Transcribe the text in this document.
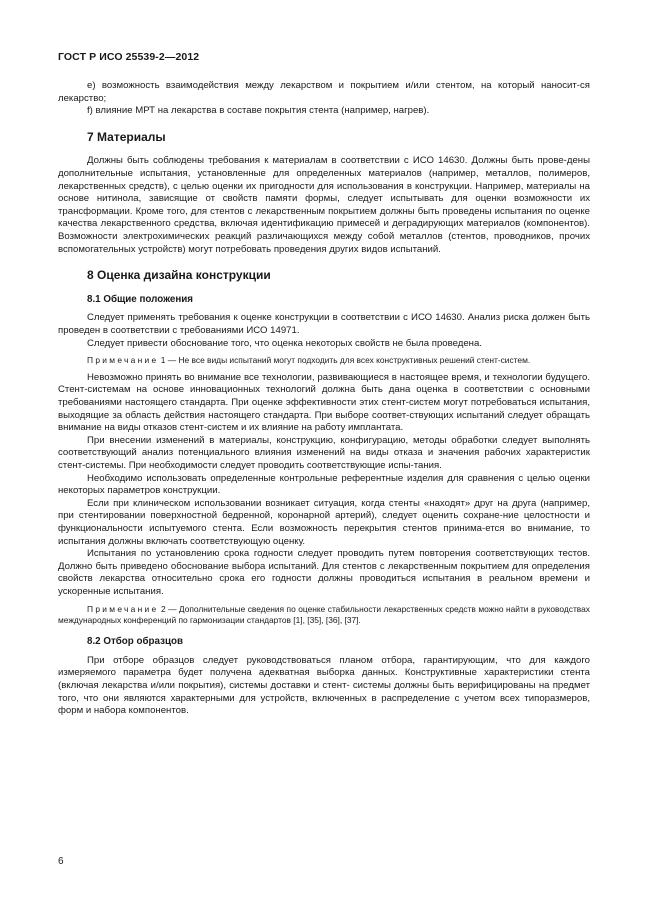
ГОСТ Р ИСО 25539-2—2012

e) возможность взаимодействия между лекарством и покрытием и/или стентом, на который наносит-ся лекарство;

f) влияние МРТ на лекарства в составе покрытия стента (например, нагрев).

7 Материалы

Должны быть соблюдены требования к материалам в соответствии с ИСО 14630. Должны быть прове-дены дополнительные испытания, установленные для определенных материалов (например, металлов, полимеров, лекарственных средств), с целью оценки их пригодности для использования в конструкции. Например, материалы на основе нитинола, зависящие от свойств памяти формы, следует испытывать для оценки возможности их трансформации. Кроме того, для стентов с лекарственным покрытием должны быть проведены испытания по оценке качества лекарственного средства, включая идентификацию примесей и деградирующих материалов (компонентов). Возможности электрохимических реакций различающихся между собой металлов (стентов, проводников, прочих вспомогательных устройств) могут потребовать проведения других видов испытаний.

8 Оценка дизайна конструкции
8.1 Общие положения

Следует применять требования к оценке конструкции в соответствии с ИСО 14630. Анализ риска должен быть проведен в соответствии с требованиями ИСО 14971.

Следует привести обоснование того, что оценка некоторых свойств не была проведена.

Примечание 1 — Не все виды испытаний могут подходить для всех конструктивных решений стент-систем.

Невозможно принять во внимание все технологии, развивающиеся в настоящее время, и технологии будущего. Стент-системам на основе инновационных технологий должна быть дана оценка в соответствии с основными требованиями настоящего стандарта. При оценке эффективности этих стент-систем могут потребоваться испытания, выходящие за область действия настоящего стандарта. При выборе соответ-ствующих испытаний следует обращать внимание на виды отказов стент-систем и их влияние на работу имплантата.

При внесении изменений в материалы, конструкцию, конфигурацию, методы обработки следует выполнять соответствующий анализ потенциального влияния изменений на виды отказа и значения рабочих характеристик стент-системы. При необходимости следует проводить соответствующие испы-тания.

Необходимо использовать определенные контрольные референтные изделия для сравнения с целью оценки некоторых параметров конструкции.

Если при клиническом использовании возникает ситуация, когда стенты «находят» друг на друга (например, при стентировании поверхностной бедренной, коронарной артерий), следует оценить сохране-ние целостности и функциональности испытуемого стента. Если возможность перекрытия стентов принима-ется во внимание, то испытания должны включать соответствующую оценку.

Испытания по установлению срока годности следует проводить путем повторения соответствующих тестов. Должно быть приведено обоснование выбора испытаний. Для стентов с лекарственным покрытием для определения свойств лекарства относительно срока его годности должны проводиться испытания в реальном времени и ускоренные испытания.

Примечание 2 — Дополнительные сведения по оценке стабильности лекарственных средств можно найти в руководствах международных конференций по гармонизации стандартов [1], [35], [36], [37].

8.2 Отбор образцов

При отборе образцов следует руководствоваться планом отбора, гарантирующим, что для каждого измеряемого параметра будет получена адекватная выборка данных. Конструктивные характеристики стента (включая лекарства и/или покрытия), системы доставки и стент- системы должны быть верифицированы на предмет того, что они являются характерными для устройств, включенных в распределение с учетом всех типоразмеров, форм и набора компонентов.

6
